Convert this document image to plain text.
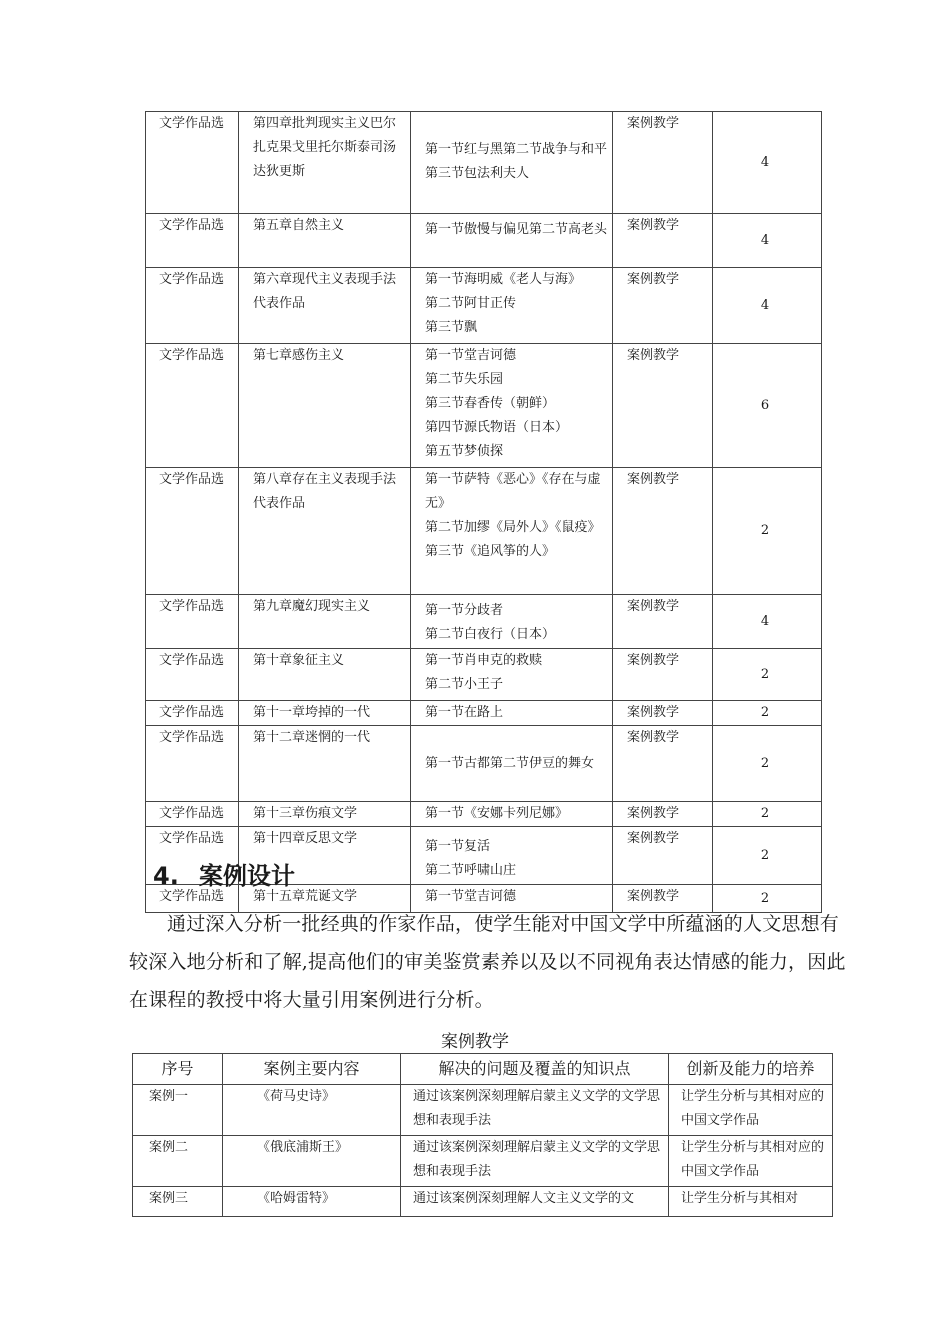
文学作品选	第四章批判现实主义巴尔扎克果戈里托尔斯泰司汤达狄更斯	第一节红与黑第二节战争与和平第三节包法利夫人	案例教学	4
文学作品选	第五章自然主义	第一节傲慢与偏见第二节高老头	案例教学	4
文学作品选	第六章现代主义表现手法代表作品	第一节海明威《老人与海》
第二节阿甘正传
第三节飘	案例教学	4
文学作品选	第七章感伤主义	第一节堂吉诃德
第二节失乐园
第三节春香传（朝鲜）
第四节源氏物语（日本）
第五节梦侦探	案例教学	6
文学作品选	第八章存在主义表现手法代表作品	第一节萨特《恶心》《存在与虚无》
第二节加缪《局外人》《鼠疫》
第三节《追风筝的人》	案例教学	2
文学作品选	第九章魔幻现实主义	第一节分歧者
第二节白夜行（日本）	案例教学	4
文学作品选	第十章象征主义	第一节肖申克的救赎
第二节小王子	案例教学	2
文学作品选	第十一章垮掉的一代	第一节在路上	案例教学	2
文学作品选	第十二章迷惘的一代	第一节古都第二节伊豆的舞女	案例教学	2
文学作品选	第十三章伤痕文学	第一节《安娜卡列尼娜》	案例教学	2
文学作品选	第十四章反思文学	第一节复活
第二节呼啸山庄	案例教学	2
文学作品选	第十五章荒诞文学	第一节堂吉诃德	案例教学	2
4. 案例设计

通过深入分析一批经典的作家作品，使学生能对中国文学中所蕴涵的人文思想有较深入地分析和了解,提高他们的审美鉴赏素养以及以不同视角表达情感的能力，因此在课程的教授中将大量引用案例进行分析。

案例教学
序号	案例主要内容	解决的问题及覆盖的知识点	创新及能力的培养
案例一	《荷马史诗》	通过该案例深刻理解启蒙主义文学的文学思想和表现手法	让学生分析与其相对应的中国文学作品
案例二	《俄底浦斯王》	通过该案例深刻理解启蒙主义文学的文学思想和表现手法	让学生分析与其相对应的中国文学作品
案例三	《哈姆雷特》	通过该案例深刻理解人文主义文学的文	让学生分析与其相对
